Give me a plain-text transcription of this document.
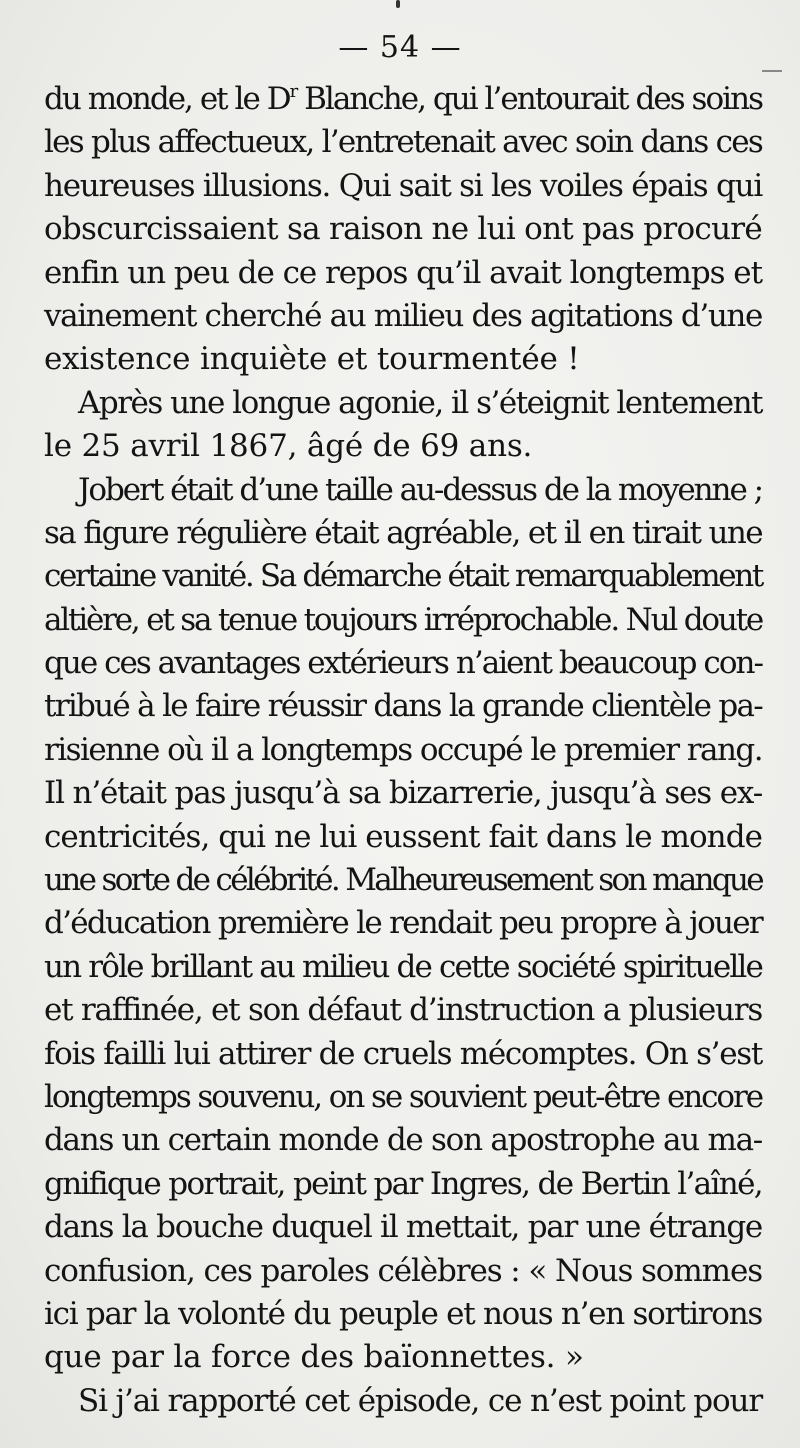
— 54 —
du monde, et le $D^r$ Blanche, qui l’entourait des soins
les plus affectueux, l’entretenait avec soin dans ces
heureuses illusions. Qui sait si les voiles épais qui
obscurcissaient sa raison ne lui ont pas procuré
enfin un peu de ce repos qu’il avait longtemps et
vainement cherché au milieu des agitations d’une
existence inquiète et tourmentée !
Après une longue agonie, il s’éteignit lentement
le 25 avril 1867, âgé de 69 ans.
Jobert était d’une taille au-dessus de la moyenne ;
sa figure régulière était agréable, et il en tirait une
certaine vanité. Sa démarche était remarquablement
altière, et sa tenue toujours irréprochable. Nul doute
que ces avantages extérieurs n’aient beaucoup con-
tribué à le faire réussir dans la grande clientèle pa-
risienne où il a longtemps occupé le premier rang.
Il n’était pas jusqu’à sa bizarrerie, jusqu’à ses ex-
centricités, qui ne lui eussent fait dans le monde
une sorte de célébrité. Malheureusement son manque
d’éducation première le rendait peu propre à jouer
un rôle brillant au milieu de cette société spirituelle
et raffinée, et son défaut d’instruction a plusieurs
fois failli lui attirer de cruels mécomptes. On s’est
longtemps souvenu, on se souvient peut-être encore
dans un certain monde de son apostrophe au ma-
gnifique portrait, peint par Ingres, de Bertin l’aîné,
dans la bouche duquel il mettait, par une étrange
confusion, ces paroles célèbres : « Nous sommes
ici par la volonté du peuple et nous n’en sortirons
que par la force des baïonnettes. »
Si j’ai rapporté cet épisode, ce n’est point pour
